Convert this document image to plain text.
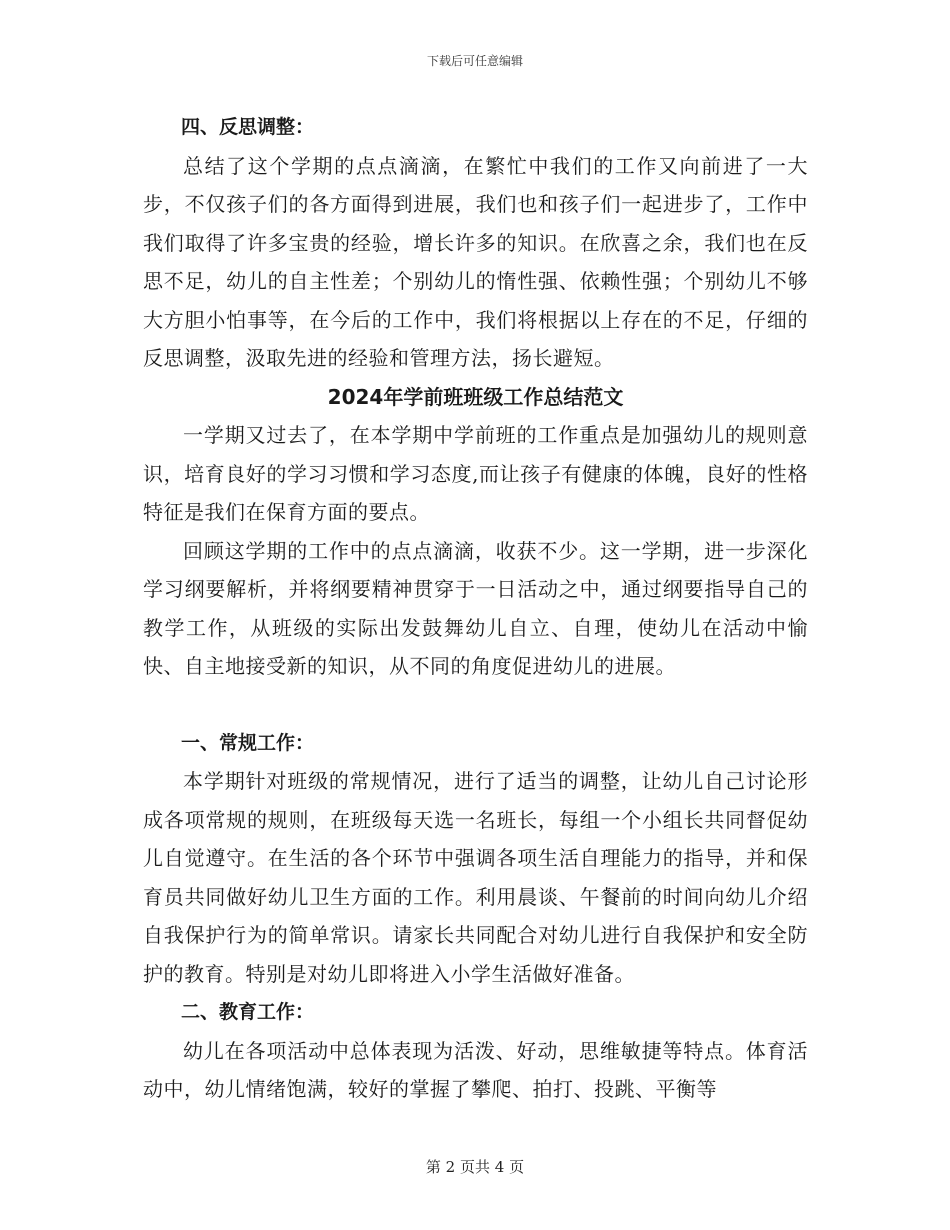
下载后可任意编辑
四、反思调整：

总结了这个学期的点点滴滴，在繁忙中我们的工作又向前进了一大步，不仅孩子们的各方面得到进展，我们也和孩子们一起进步了，工作中我们取得了许多宝贵的经验，增长许多的知识。在欣喜之余，我们也在反思不足，幼儿的自主性差；个别幼儿的惰性强、依赖性强；个别幼儿不够大方胆小怕事等，在今后的工作中，我们将根据以上存在的不足，仔细的反思调整，汲取先进的经验和管理方法，扬长避短。

2024年学前班班级工作总结范文

一学期又过去了，在本学期中学前班的工作重点是加强幼儿的规则意识，培育良好的学习习惯和学习态度,而让孩子有健康的体魄，良好的性格特征是我们在保育方面的要点。

回顾这学期的工作中的点点滴滴，收获不少。这一学期，进一步深化学习纲要解析，并将纲要精神贯穿于一日活动之中，通过纲要指导自己的教学工作，从班级的实际出发鼓舞幼儿自立、自理，使幼儿在活动中愉快、自主地接受新的知识，从不同的角度促进幼儿的进展。

一、常规工作：

本学期针对班级的常规情况，进行了适当的调整，让幼儿自己讨论形成各项常规的规则，在班级每天选一名班长，每组一个小组长共同督促幼儿自觉遵守。在生活的各个环节中强调各项生活自理能力的指导，并和保育员共同做好幼儿卫生方面的工作。利用晨谈、午餐前的时间向幼儿介绍自我保护行为的简单常识。请家长共同配合对幼儿进行自我保护和安全防护的教育。特别是对幼儿即将进入小学生活做好准备。

二、教育工作：

幼儿在各项活动中总体表现为活泼、好动，思维敏捷等特点。体育活动中，幼儿情绪饱满，较好的掌握了攀爬、拍打、投跳、平衡等

第 2 页共 4 页
